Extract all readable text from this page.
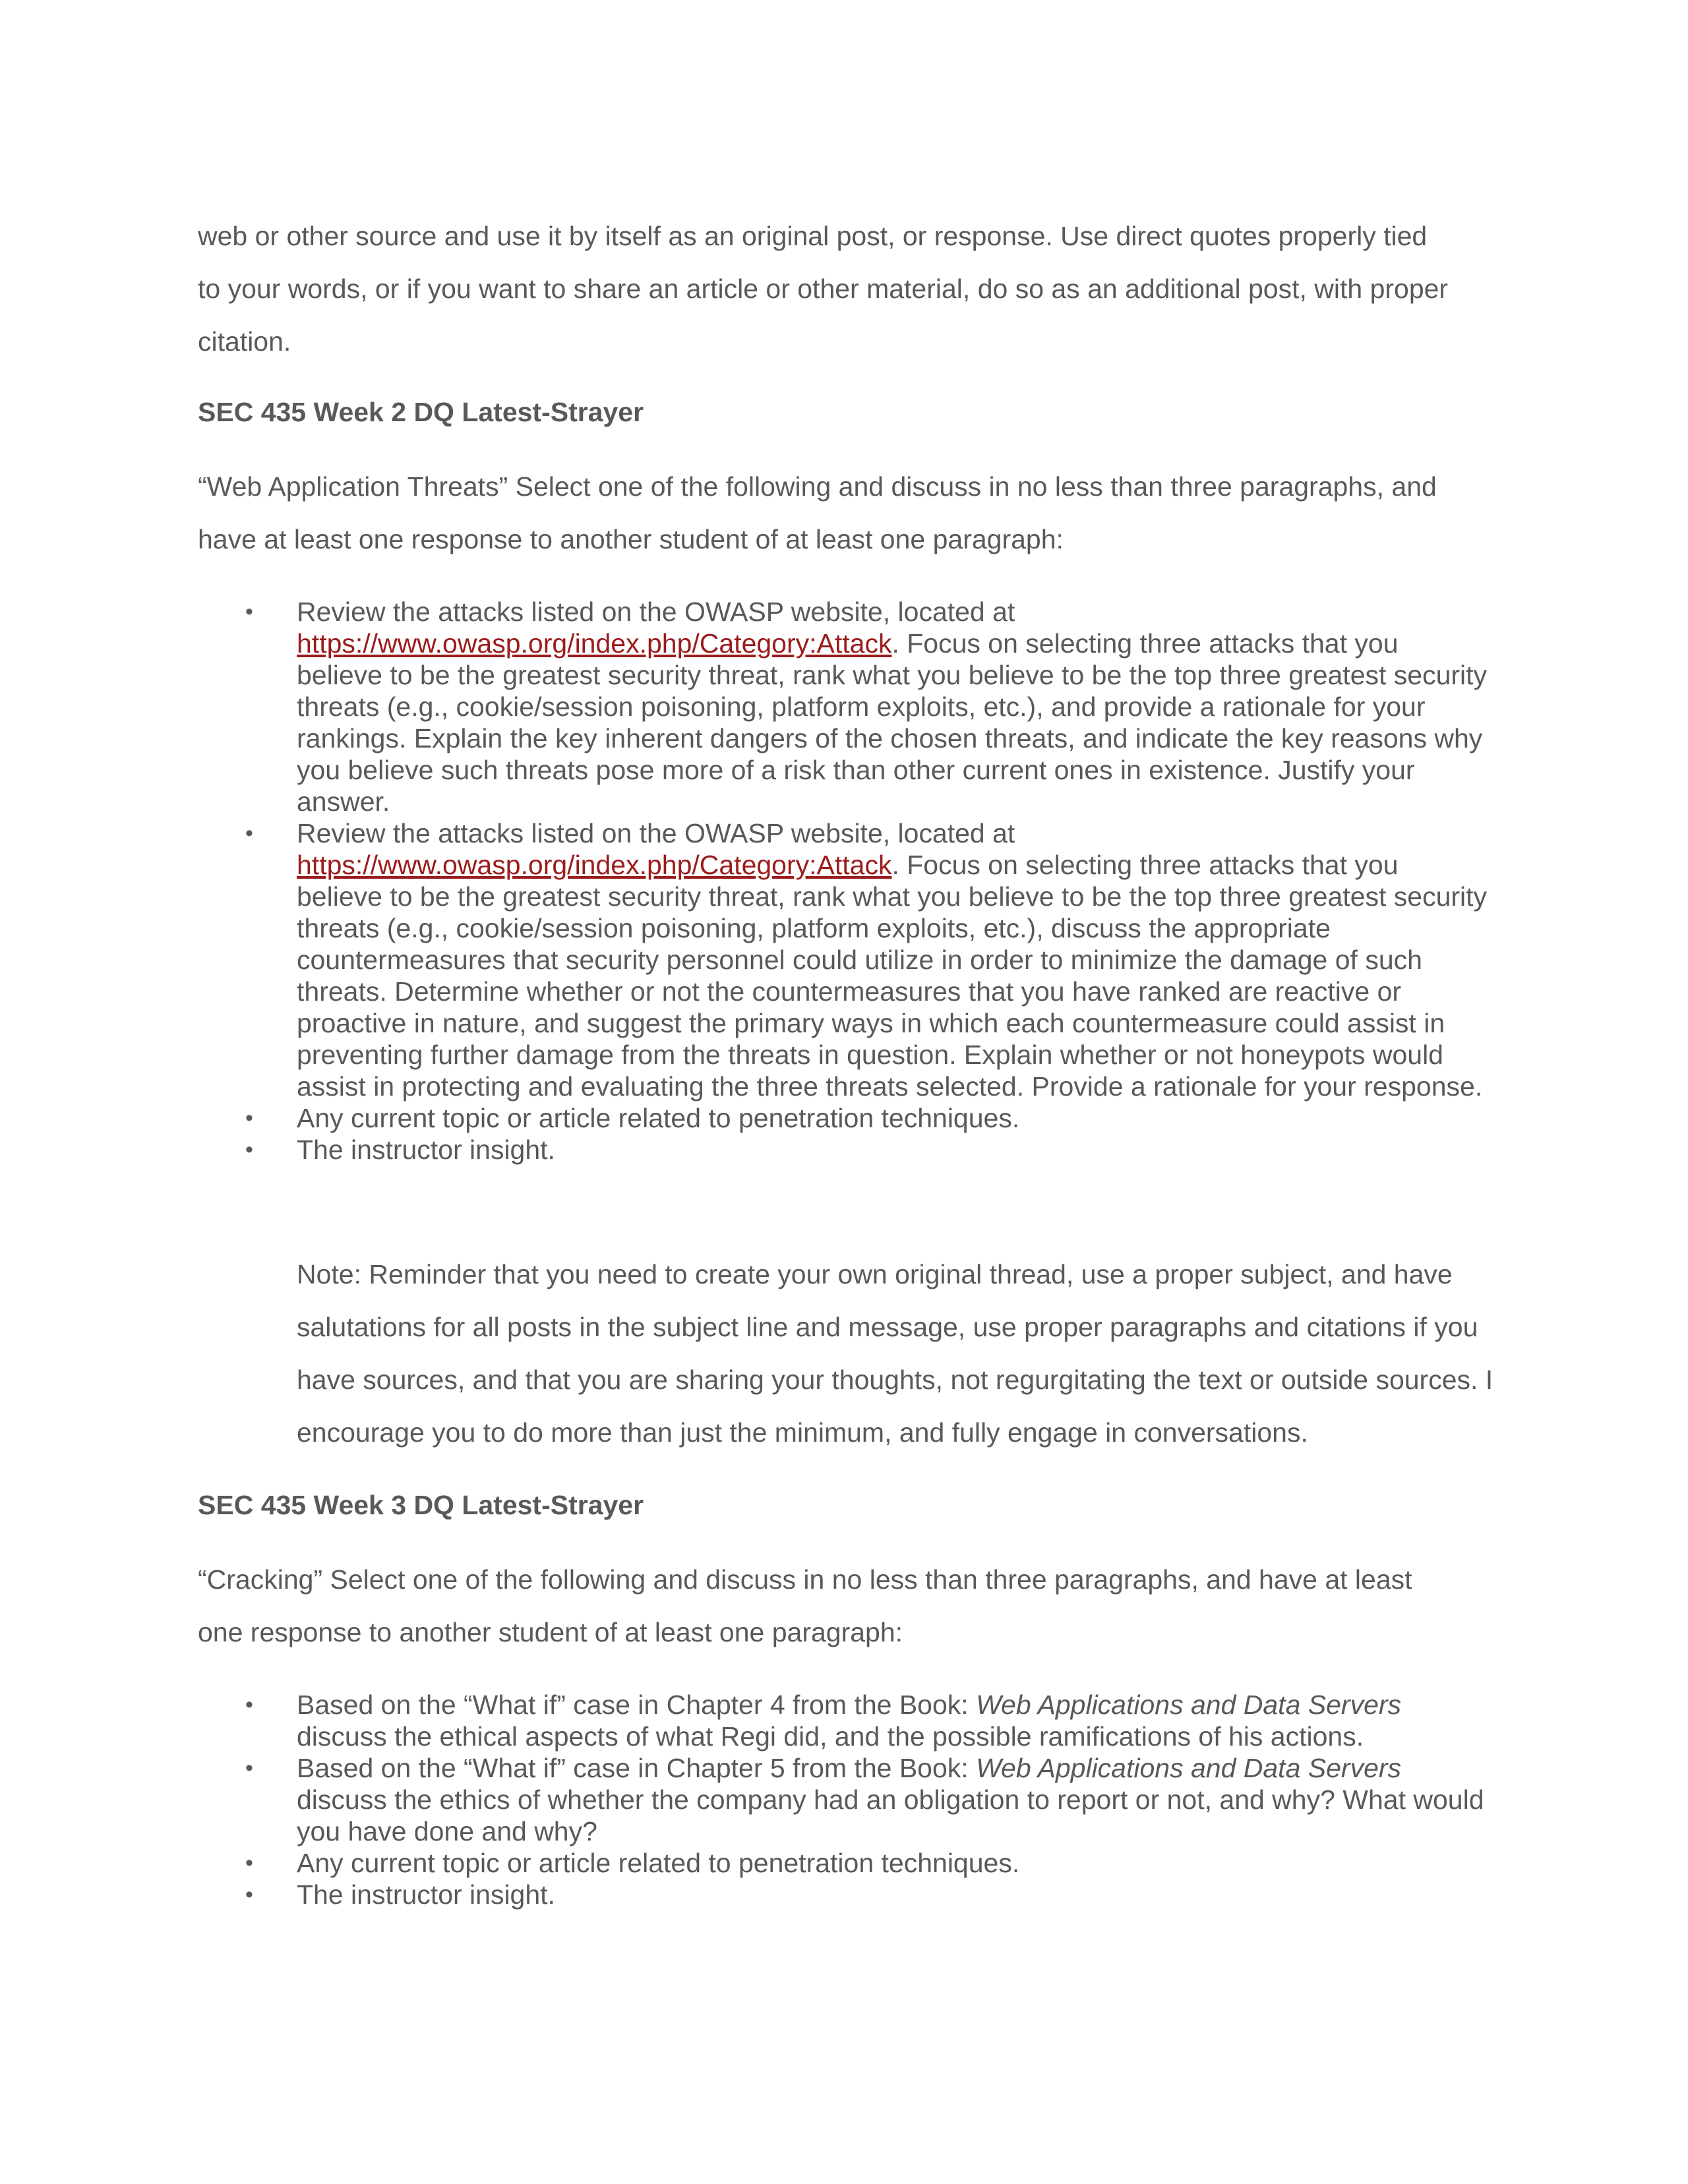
web or other source and use it by itself as an original post, or response. Use direct quotes properly tied
to your words, or if you want to share an article or other material, do so as an additional post, with proper
citation.
SEC 435 Week 2 DQ Latest-Strayer
“Web Application Threats” Select one of the following and discuss in no less than three paragraphs, and
have at least one response to another student of at least one paragraph:
• Review the attacks listed on the OWASP website, located at https://www.owasp.org/index.php/Category:Attack. Focus on selecting three attacks that you believe to be the greatest security threat, rank what you believe to be the top three greatest security threats (e.g., cookie/session poisoning, platform exploits, etc.), and provide a rationale for your rankings. Explain the key inherent dangers of the chosen threats, and indicate the key reasons why you believe such threats pose more of a risk than other current ones in existence. Justify your answer.
• Review the attacks listed on the OWASP website, located at https://www.owasp.org/index.php/Category:Attack. Focus on selecting three attacks that you believe to be the greatest security threat, rank what you believe to be the top three greatest security threats (e.g., cookie/session poisoning, platform exploits, etc.), discuss the appropriate countermeasures that security personnel could utilize in order to minimize the damage of such threats. Determine whether or not the countermeasures that you have ranked are reactive or proactive in nature, and suggest the primary ways in which each countermeasure could assist in preventing further damage from the threats in question. Explain whether or not honeypots would assist in protecting and evaluating the three threats selected. Provide a rationale for your response.
• Any current topic or article related to penetration techniques.
• The instructor insight.
Note: Reminder that you need to create your own original thread, use a proper subject, and have salutations for all posts in the subject line and message, use proper paragraphs and citations if you have sources, and that you are sharing your thoughts, not regurgitating the text or outside sources. I encourage you to do more than just the minimum, and fully engage in conversations.
SEC 435 Week 3 DQ Latest-Strayer
“Cracking” Select one of the following and discuss in no less than three paragraphs, and have at least
one response to another student of at least one paragraph:
• Based on the “What if” case in Chapter 4 from the Book: Web Applications and Data Servers discuss the ethical aspects of what Regi did, and the possible ramifications of his actions.
• Based on the “What if” case in Chapter 5 from the Book: Web Applications and Data Servers discuss the ethics of whether the company had an obligation to report or not, and why? What would you have done and why?
• Any current topic or article related to penetration techniques.
• The instructor insight.
